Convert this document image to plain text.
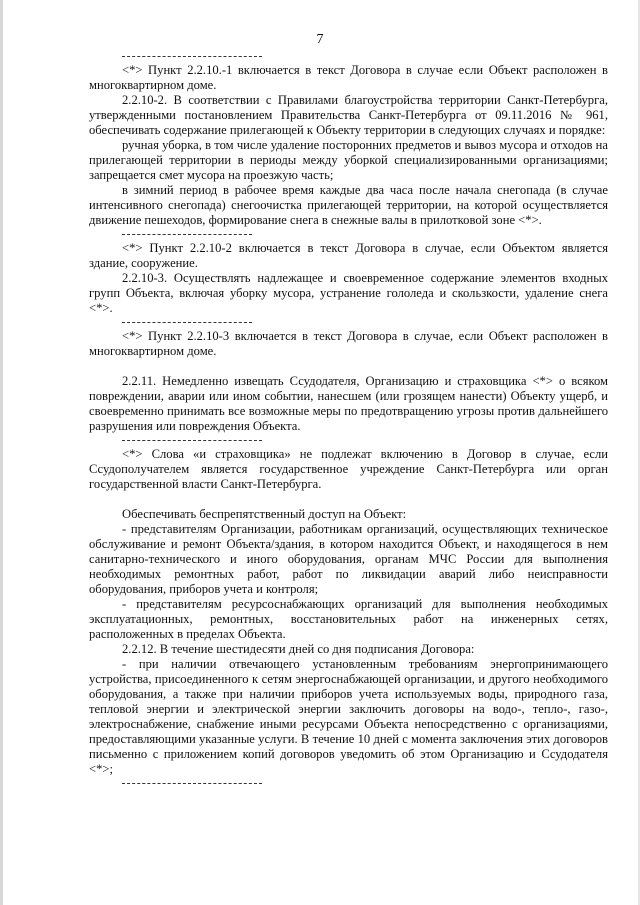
7

<*> Пункт 2.2.10.-1 включается в текст Договора в случае если Объект расположен в многоквартирном доме.

2.2.10-2. В соответствии с Правилами благоустройства территории Санкт-Петербурга, утвержденными постановлением Правительства Санкт-Петербурга от 09.11.2016 № 961, обеспечивать содержание прилегающей к Объекту территории в следующих случаях и порядке:

ручная уборка, в том числе удаление посторонних предметов и вывоз мусора и отходов на прилегающей территории в периоды между уборкой специализированными организациями; запрещается смет мусора на проезжую часть;

в зимний период в рабочее время каждые два часа после начала снегопада (в случае интенсивного снегопада) снегоочистка прилегающей территории, на которой осуществляется движение пешеходов, формирование снега в снежные валы в прилотковой зоне <*>.

<*> Пункт 2.2.10-2 включается в текст Договора в случае, если Объектом является здание, сооружение.

2.2.10-3. Осуществлять надлежащее и своевременное содержание элементов входных групп Объекта, включая уборку мусора, устранение гололеда и скользкости, удаление снега <*>.

<*> Пункт 2.2.10-3 включается в текст Договора в случае, если Объект расположен в многоквартирном доме.

2.2.11. Немедленно извещать Ссудодателя, Организацию и страховщика <*> о всяком повреждении, аварии или ином событии, нанесшем (или грозящем нанести) Объекту ущерб, и своевременно принимать все возможные меры по предотвращению угрозы против дальнейшего разрушения или повреждения Объекта.

<*> Слова «и страховщика» не подлежат включению в Договор в случае, если Ссудополучателем является государственное учреждение Санкт-Петербурга или орган государственной власти Санкт-Петербурга.

Обеспечивать беспрепятственный доступ на Объект:

- представителям Организации, работникам организаций, осуществляющих техническое обслуживание и ремонт Объекта/здания, в котором находится Объект, и находящегося в нем санитарно-технического и иного оборудования, органам МЧС России для выполнения необходимых ремонтных работ, работ по ликвидации аварий либо неисправности оборудования, приборов учета и контроля;

- представителям ресурсоснабжающих организаций для выполнения необходимых эксплуатационных, ремонтных, восстановительных работ на инженерных сетях, расположенных в пределах Объекта.

2.2.12. В течение шестидесяти дней со дня подписания Договора:

- при наличии отвечающего установленным требованиям энергопринимающего устройства, присоединенного к сетям энергоснабжающей организации, и другого необходимого оборудования, а также при наличии приборов учета используемых воды, природного газа, тепловой энергии и электрической энергии заключить договоры на водо-, тепло-, газо-, электроснабжение, снабжение иными ресурсами Объекта непосредственно с организациями, предоставляющими указанные услуги. В течение 10 дней с момента заключения этих договоров письменно с приложением копий договоров уведомить об этом Организацию и Ссудодателя <*>;
